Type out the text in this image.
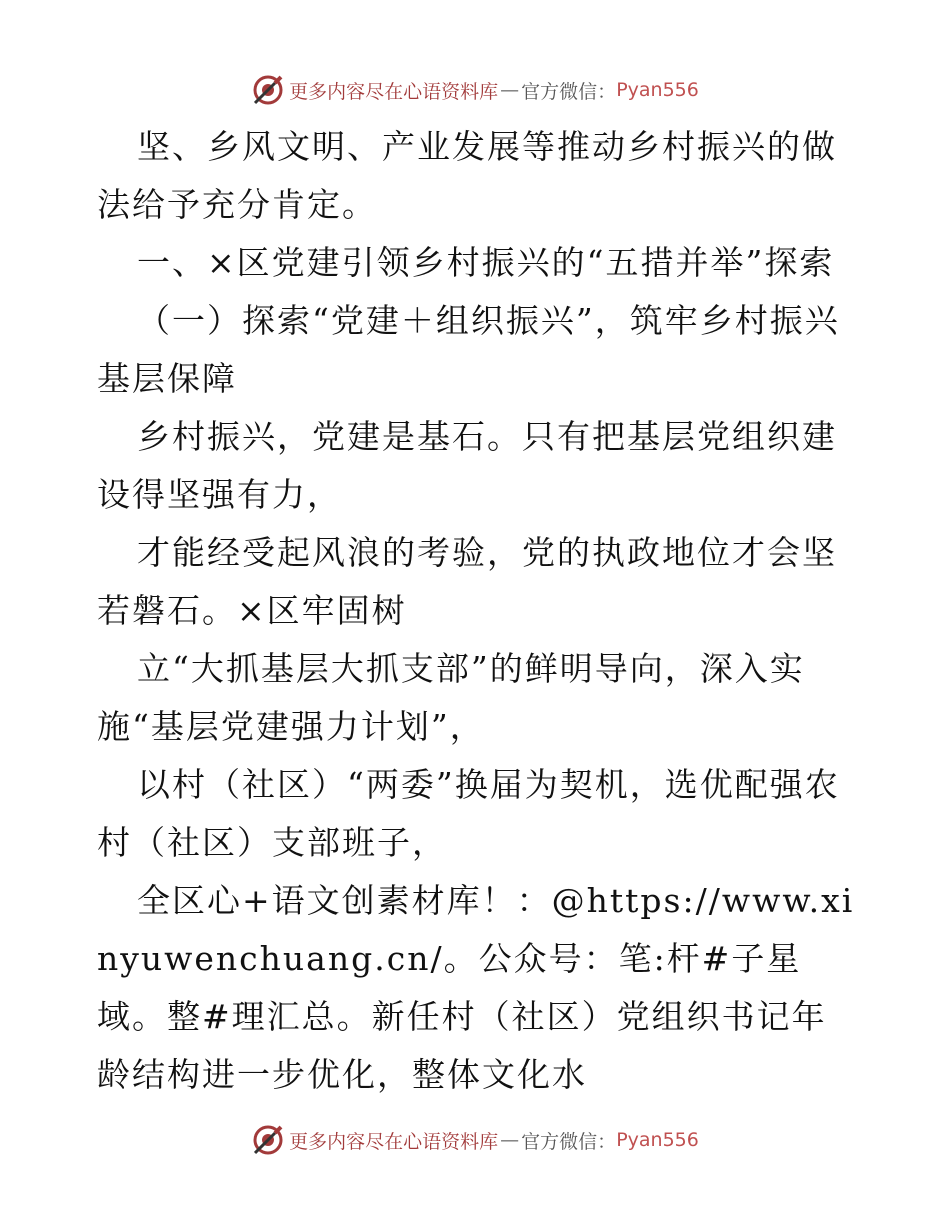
更多内容尽在心语资料库 — 官方微信： Pyan556

坚、乡风文明、产业发展等推动乡村振兴的做法给予充分肯定。

一、×区党建引领乡村振兴的“五措并举”探索

（一）探索“党建＋组织振兴”，筑牢乡村振兴基层保障

乡村振兴，党建是基石。只有把基层党组织建设得坚强有力，

才能经受起风浪的考验，党的执政地位才会坚若磐石。×区牢固树

立“大抓基层大抓支部”的鲜明导向，深入实施“基层党建强力计划”，

以村（社区）“两委”换届为契机，选优配强农村（社区）支部班子，

全区心+语文创素材库！：@https://www.xinyuwenchuang.cn/。公众号：笔:杆#子星域。整#理汇总。新任村（社区）党组织书记年龄结构进一步优化，整体文化水

更多内容尽在心语资料库 — 官方微信： Pyan556
